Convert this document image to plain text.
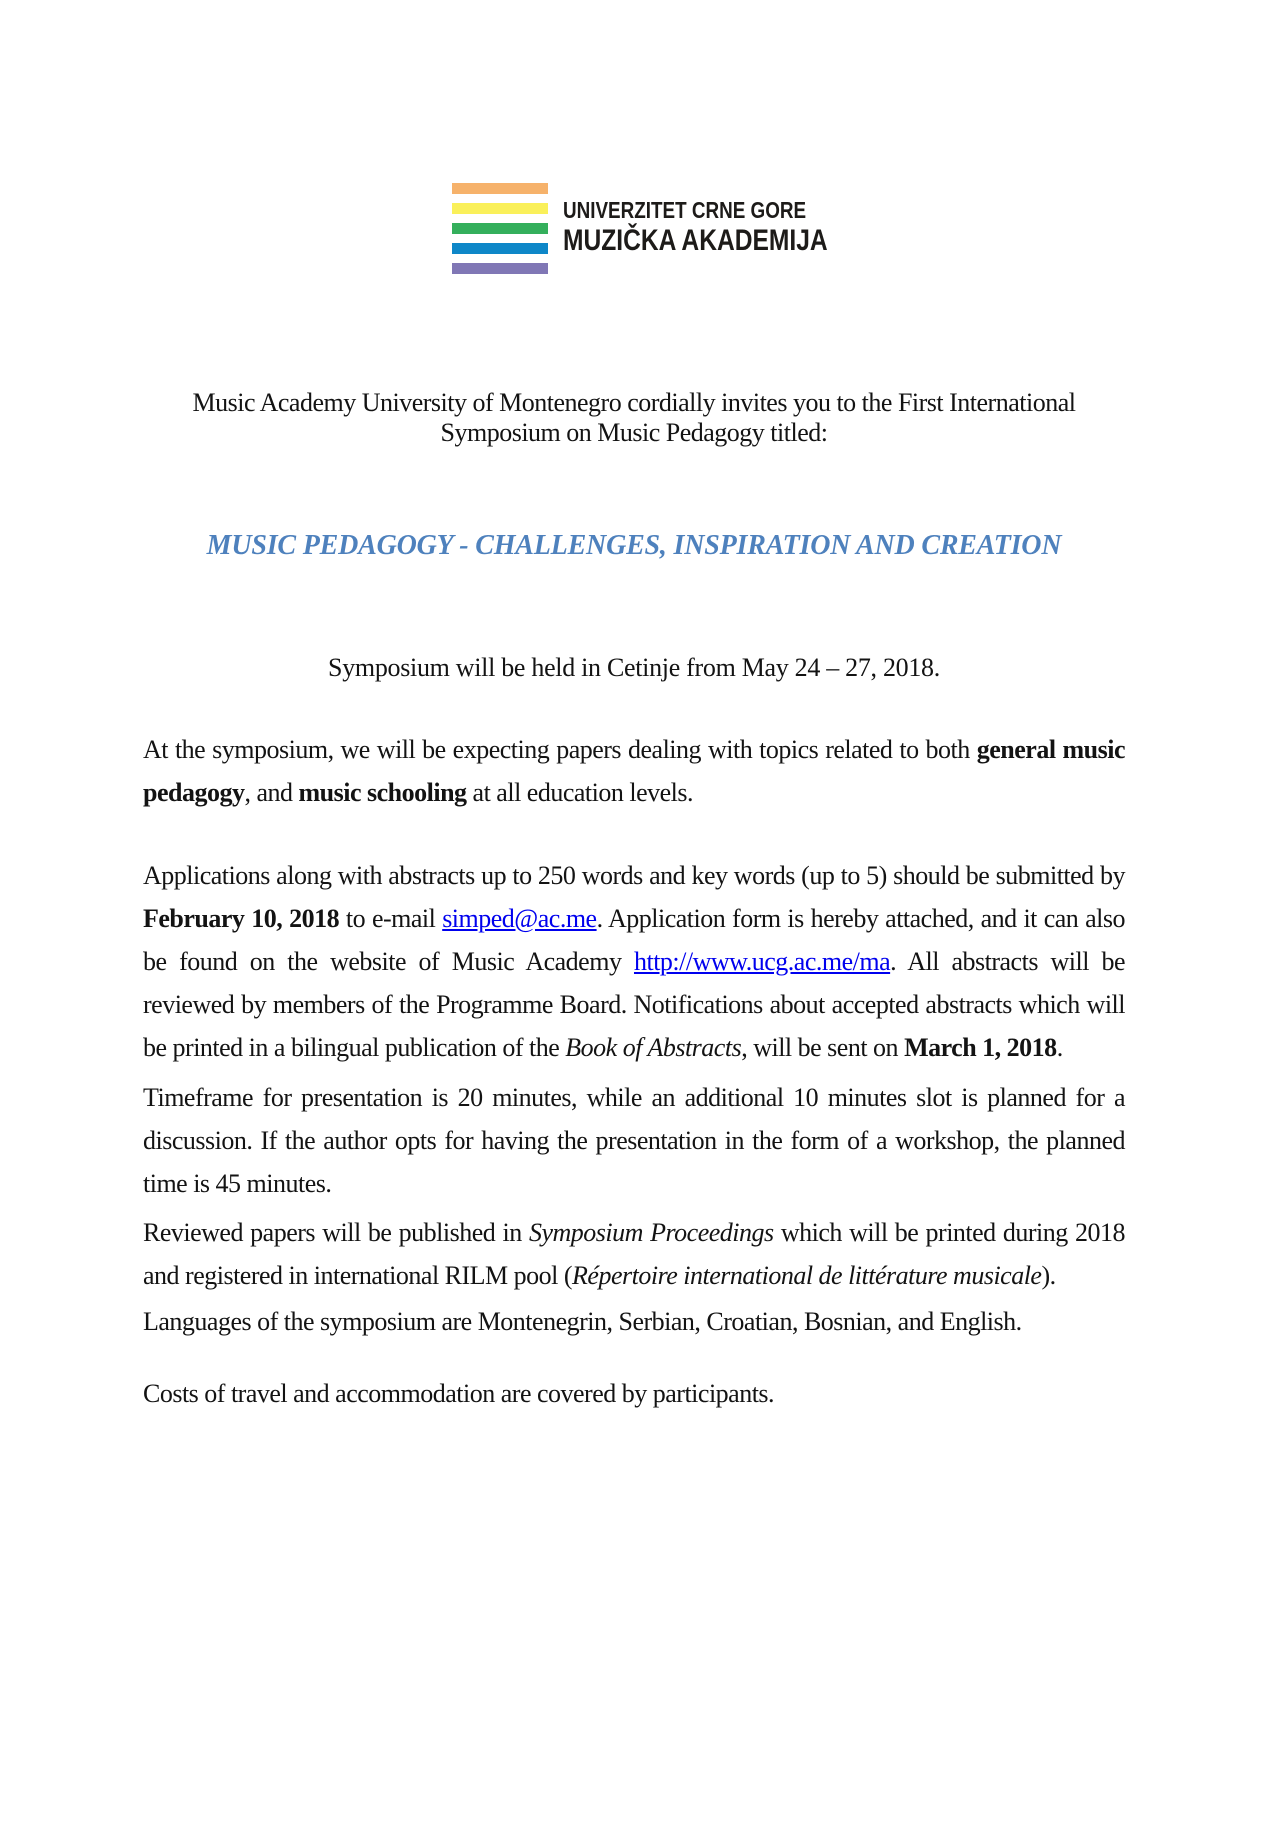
UNIVERZITET CRNE GORE
MUZIČKA AKADEMIJA

Music Academy University of Montenegro cordially invites you to the First International Symposium on Music Pedagogy titled:

MUSIC PEDAGOGY - CHALLENGES, INSPIRATION AND CREATION

Symposium will be held in Cetinje from May 24 – 27, 2018.

At the symposium, we will be expecting papers dealing with topics related to both general music pedagogy, and music schooling at all education levels.

Applications along with abstracts up to 250 words and key words (up to 5) should be submitted by February 10, 2018 to e-mail simped@ac.me. Application form is hereby attached, and it can also be found on the website of Music Academy http://www.ucg.ac.me/ma. All abstracts will be reviewed by members of the Programme Board. Notifications about accepted abstracts which will be printed in a bilingual publication of the Book of Abstracts, will be sent on March 1, 2018.

Timeframe for presentation is 20 minutes, while an additional 10 minutes slot is planned for a discussion. If the author opts for having the presentation in the form of a workshop, the planned time is 45 minutes.

Reviewed papers will be published in Symposium Proceedings which will be printed during 2018 and registered in international RILM pool (Répertoire international de littérature musicale).

Languages of the symposium are Montenegrin, Serbian, Croatian, Bosnian, and English.

Costs of travel and accommodation are covered by participants.
